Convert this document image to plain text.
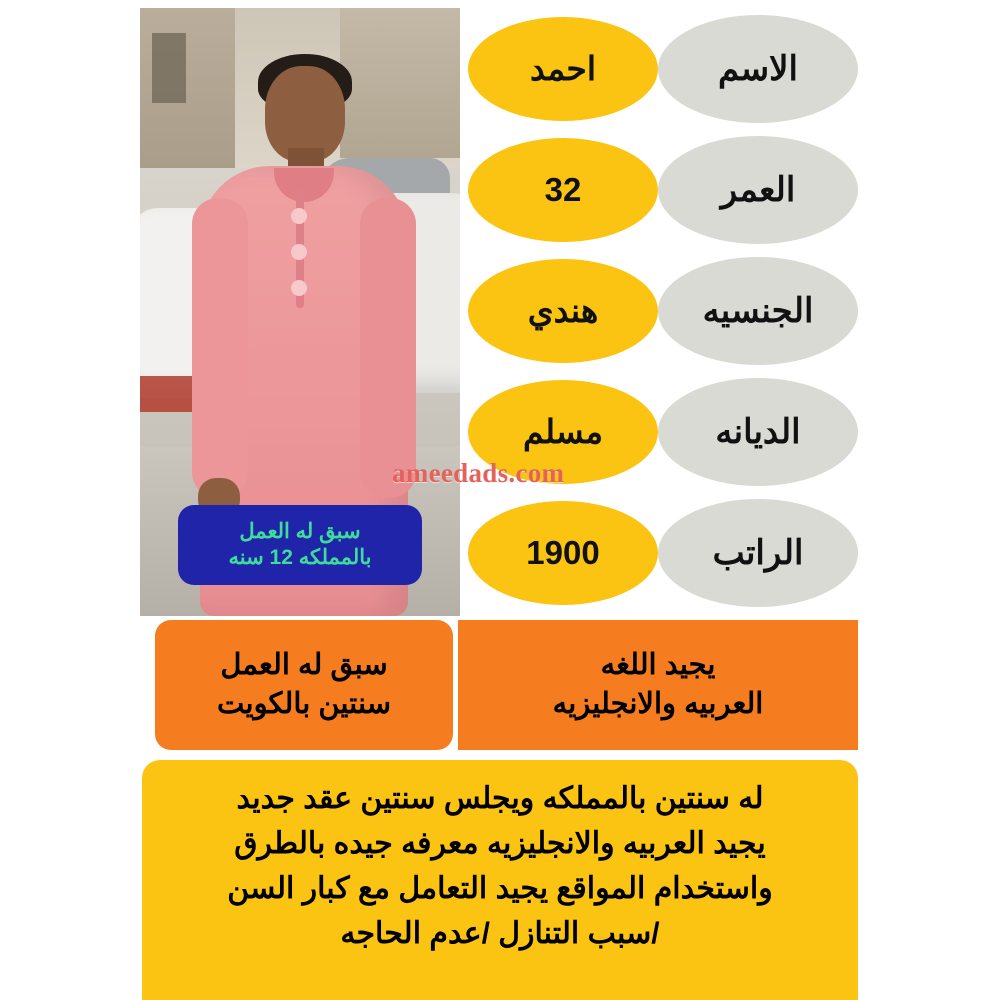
ameedads.com
سبق له العمل
بالمملكه 12 سنه
الاسم
احمد
العمر
32
الجنسيه
هندي
الديانه
مسلم
الراتب
1900
سبق له العمل
سنتين بالكويت
يجيد اللغه
العربيه والانجليزيه
له سنتين بالمملكه ويجلس سنتين عقد جديد
يجيد العربيه والانجليزيه معرفه جيده بالطرق
واستخدام المواقع يجيد التعامل مع كبار السن
/سبب التنازل /عدم الحاجه
